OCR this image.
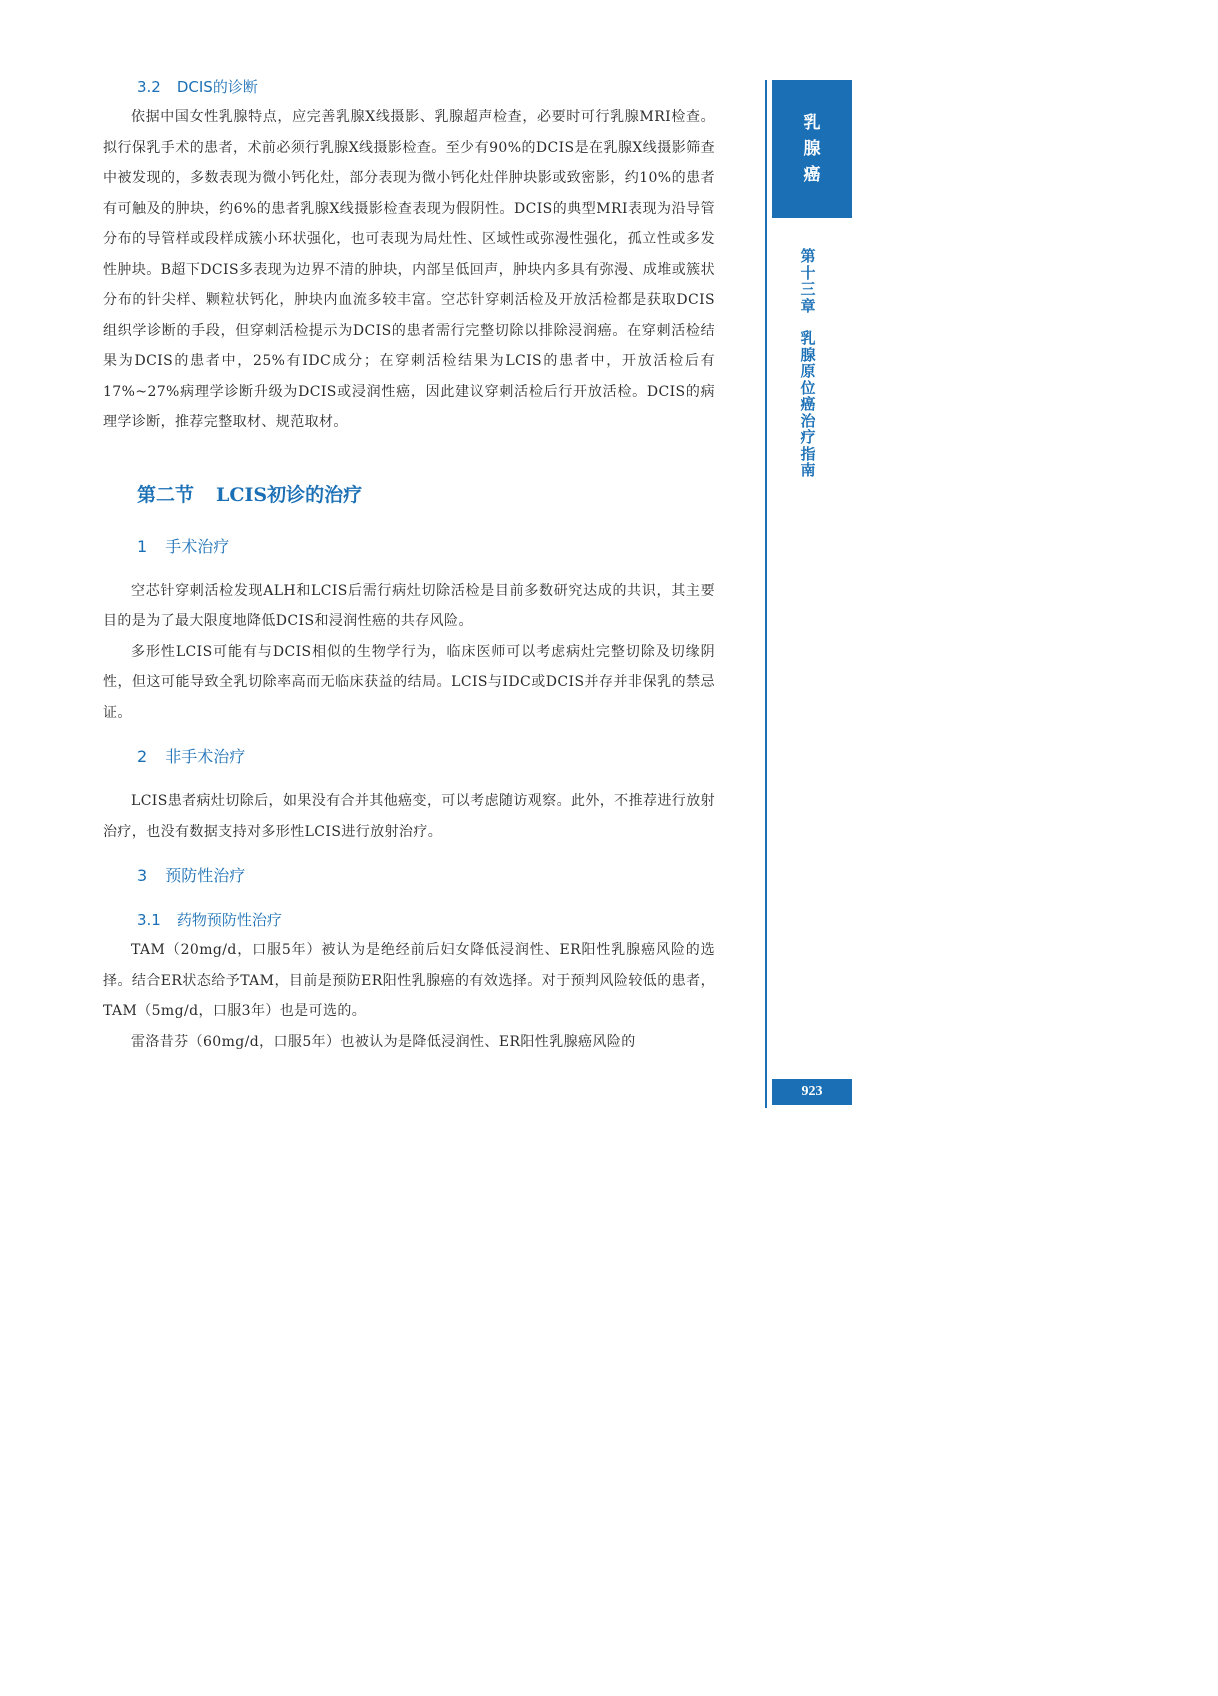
3.2 DCIS的诊断

依据中国女性乳腺特点，应完善乳腺X线摄影、乳腺超声检查，必要时可行乳腺MRI检查。拟行保乳手术的患者，术前必须行乳腺X线摄影检查。至少有90%的DCIS是在乳腺X线摄影筛查中被发现的，多数表现为微小钙化灶，部分表现为微小钙化灶伴肿块影或致密影，约10%的患者有可触及的肿块，约6%的患者乳腺X线摄影检查表现为假阴性。DCIS的典型MRI表现为沿导管分布的导管样或段样成簇小环状强化，也可表现为局灶性、区域性或弥漫性强化，孤立性或多发性肿块。B超下DCIS多表现为边界不清的肿块，内部呈低回声，肿块内多具有弥漫、成堆或簇状分布的针尖样、颗粒状钙化，肿块内血流多较丰富。空芯针穿刺活检及开放活检都是获取DCIS组织学诊断的手段，但穿刺活检提示为DCIS的患者需行完整切除以排除浸润癌。在穿刺活检结果为DCIS的患者中，25%有IDC成分；在穿刺活检结果为LCIS的患者中，开放活检后有17%~27%病理学诊断升级为DCIS或浸润性癌，因此建议穿刺活检后行开放活检。DCIS的病理学诊断，推荐完整取材、规范取材。

第二节 LCIS初诊的治疗
1 手术治疗

空芯针穿刺活检发现ALH和LCIS后需行病灶切除活检是目前多数研究达成的共识，其主要目的是为了最大限度地降低DCIS和浸润性癌的共存风险。

多形性LCIS可能有与DCIS相似的生物学行为，临床医师可以考虑病灶完整切除及切缘阴性，但这可能导致全乳切除率高而无临床获益的结局。LCIS与IDC或DCIS并存并非保乳的禁忌证。

2 非手术治疗

LCIS患者病灶切除后，如果没有合并其他癌变，可以考虑随访观察。此外，不推荐进行放射治疗，也没有数据支持对多形性LCIS进行放射治疗。

3 预防性治疗
3.1 药物预防性治疗

TAM（20mg/d，口服5年）被认为是绝经前后妇女降低浸润性、ER阳性乳腺癌风险的选择。结合ER状态给予TAM，目前是预防ER阳性乳腺癌的有效选择。对于预判风险较低的患者，TAM（5mg/d，口服3年）也是可选的。

雷洛昔芬（60mg/d，口服5年）也被认为是降低浸润性、ER阳性乳腺癌风险的

乳
腺
癌
第
十
三
章
乳
腺
原
位
癌
治
疗
指
南
923
